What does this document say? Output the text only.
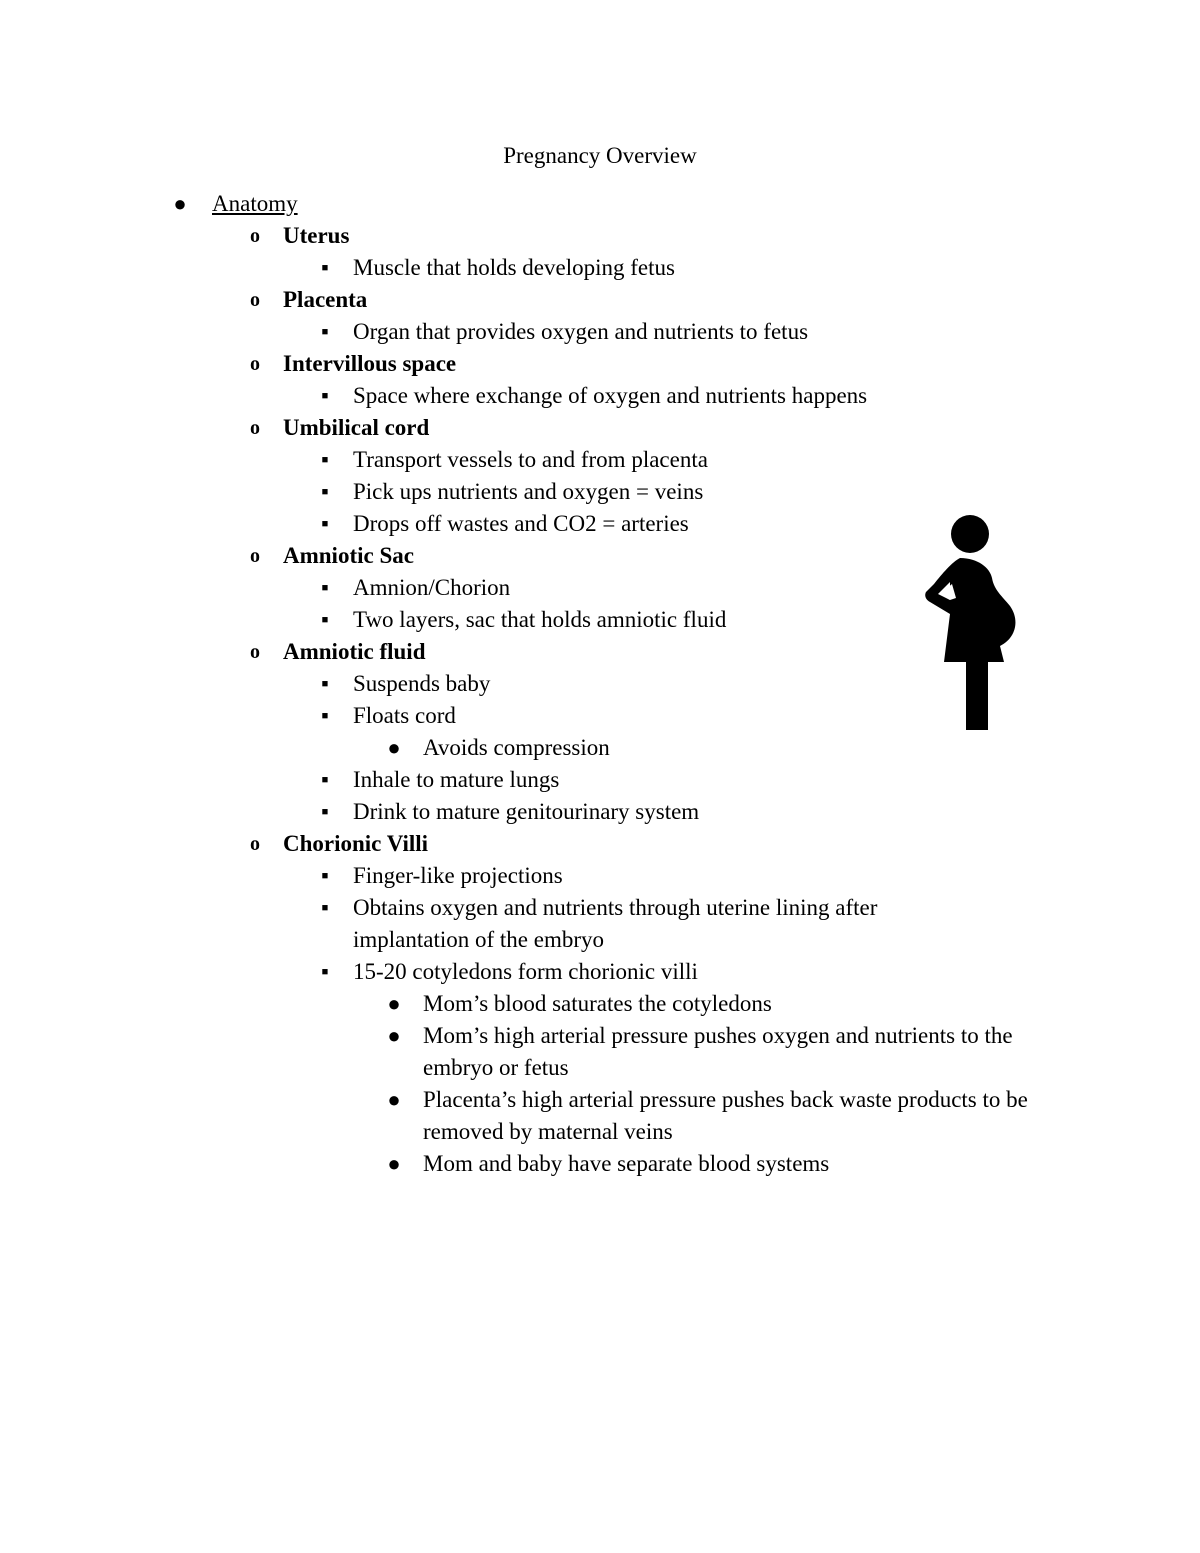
Pregnancy Overview
● Anatomy
o Uterus
■ Muscle that holds developing fetus
o Placenta
■ Organ that provides oxygen and nutrients to fetus
o Intervillous space
■ Space where exchange of oxygen and nutrients happens
o Umbilical cord
■ Transport vessels to and from placenta
■ Pick ups nutrients and oxygen = veins
■ Drops off wastes and CO2 = arteries
o Amniotic Sac
■ Amnion/Chorion
■ Two layers, sac that holds amniotic fluid
o Amniotic fluid
■ Suspends baby
■ Floats cord
● Avoids compression
■ Inhale to mature lungs
■ Drink to mature genitourinary system
o Chorionic Villi
■ Finger-like projections
■ Obtains oxygen and nutrients through uterine lining after implantation of the embryo
■ 15-20 cotyledons form chorionic villi
● Mom’s blood saturates the cotyledons
● Mom’s high arterial pressure pushes oxygen and nutrients to the embryo or fetus
● Placenta’s high arterial pressure pushes back waste products to be removed by maternal veins
● Mom and baby have separate blood systems
